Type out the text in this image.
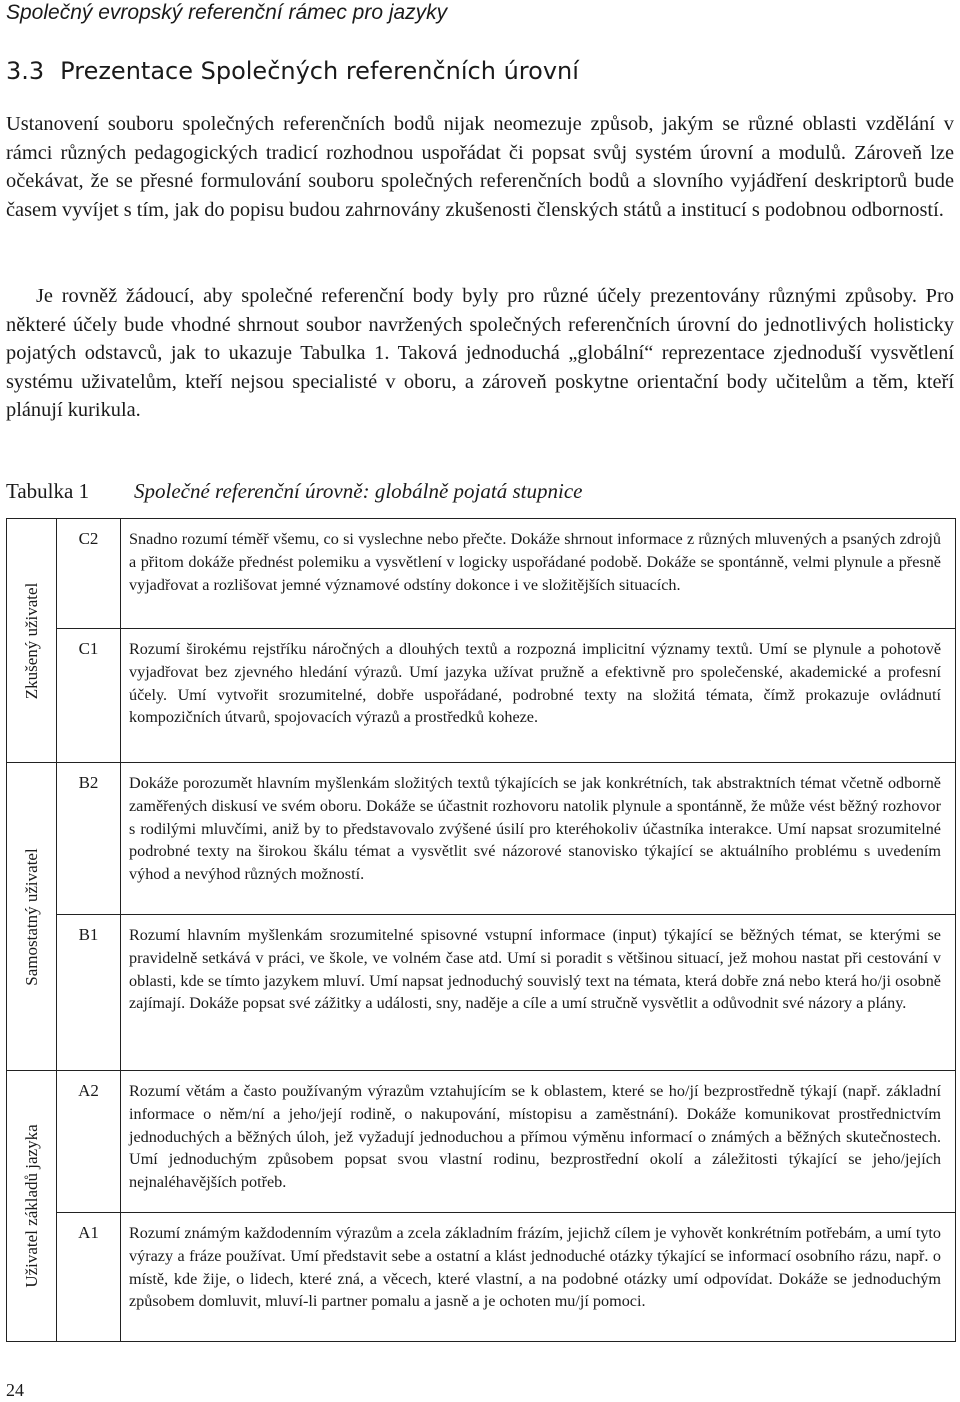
Společný evropský referenční rámec pro jazyky
3.3 Prezentace Společných referenčních úrovní

Ustanovení souboru společných referenčních bodů nijak neomezuje způsob, jakým se různé oblasti vzdělání v rámci různých pedagogických tradicí rozhodnou uspořádat či popsat svůj systém úrovní a modulů. Zároveň lze očekávat, že se přesné formulování souboru společných referenčních bodů a slovního vyjádření deskriptorů bude časem vyvíjet s tím, jak do popisu budou zahrnovány zkušenosti členských států a institucí s podobnou odborností.

Je rovněž žádoucí, aby společné referenční body byly pro různé účely prezentovány různými způsoby. Pro některé účely bude vhodné shrnout soubor navržených společných referenčních úrovní do jednotlivých holisticky pojatých odstavců, jak to ukazuje Tabulka 1. Taková jednoduchá „globální“ reprezentace zjednoduší vysvětlení systému uživatelům, kteří nejsou specialisté v oboru, a zároveň poskytne orientační body učitelům a těm, kteří plánují kurikula.

Tabulka 1 Společné referenční úrovně: globálně pojatá stupnice
Zkušený uživatel	C2	Snadno rozumí téměř všemu, co si vyslechne nebo přečte. Dokáže shrnout informace z různých mluvených a psaných zdrojů a přitom dokáže přednést polemiku a vysvětlení v logicky uspořádané podobě. Dokáže se spontánně, velmi plynule a přesně vyjadřovat a rozlišovat jemné významové odstíny dokonce i ve složitějších situacích.
	C1	Rozumí širokému rejstříku náročných a dlouhých textů a rozpozná implicitní významy textů. Umí se plynule a pohotově vyjadřovat bez zjevného hledání výrazů. Umí jazyka užívat pružně a efektivně pro společenské, akademické a profesní účely. Umí vytvořit srozumitelné, dobře uspořádané, podrobné texty na složitá témata, čímž prokazuje ovládnutí kompozičních útvarů, spojovacích výrazů a prostředků koheze.

Samostatný uživatel	B2	Dokáže porozumět hlavním myšlenkám složitých textů týkajících se jak konkrétních, tak abstraktních témat včetně odborně zaměřených diskusí ve svém oboru. Dokáže se účastnit rozhovoru natolik plynule a spontánně, že může vést běžný rozhovor s rodilými mluvčími, aniž by to představovalo zvýšené úsilí pro kteréhokoliv účastníka interakce. Umí napsat srozumitelné podrobné texty na širokou škálu témat a vysvětlit své názorové stanovisko týkající se aktuálního problému s uvedením výhod a nevýhod různých možností.
	B1	Rozumí hlavním myšlenkám srozumitelné spisovné vstupní informace (input) týkající se běžných témat, se kterými se pravidelně setkává v práci, ve škole, ve volném čase atd. Umí si poradit s většinou situací, jež mohou nastat při cestování v oblasti, kde se tímto jazykem mluví. Umí napsat jednoduchý souvislý text na témata, která dobře zná nebo která ho/ji osobně zajímají. Dokáže popsat své zážitky a události, sny, naděje a cíle a umí stručně vysvětlit a odůvodnit své názory a plány.

Uživatel základů jazyka	A2	Rozumí větám a často používaným výrazům vztahujícím se k oblastem, které se ho/jí bezprostředně týkají (např. základní informace o něm/ní a jeho/její rodině, o nakupování, místopisu a zaměstnání). Dokáže komunikovat prostřednictvím jednoduchých a běžných úloh, jež vyžadují jednoduchou a přímou výměnu informací o známých a běžných skutečnostech. Umí jednoduchým způsobem popsat svou vlastní rodinu, bezprostřední okolí a záležitosti týkající se jeho/jejích nejnaléhavějších potřeb.
	A1	Rozumí známým každodenním výrazům a zcela základním frázím, jejichž cílem je vyhovět konkrétním potřebám, a umí tyto výrazy a fráze používat. Umí představit sebe a ostatní a klást jednoduché otázky týkající se informací osobního rázu, např. o místě, kde žije, o lidech, které zná, a věcech, které vlastní, a na podobné otázky umí odpovídat. Dokáže se jednoduchým způsobem domluvit, mluví-li partner pomalu a jasně a je ochoten mu/jí pomoci.
24
